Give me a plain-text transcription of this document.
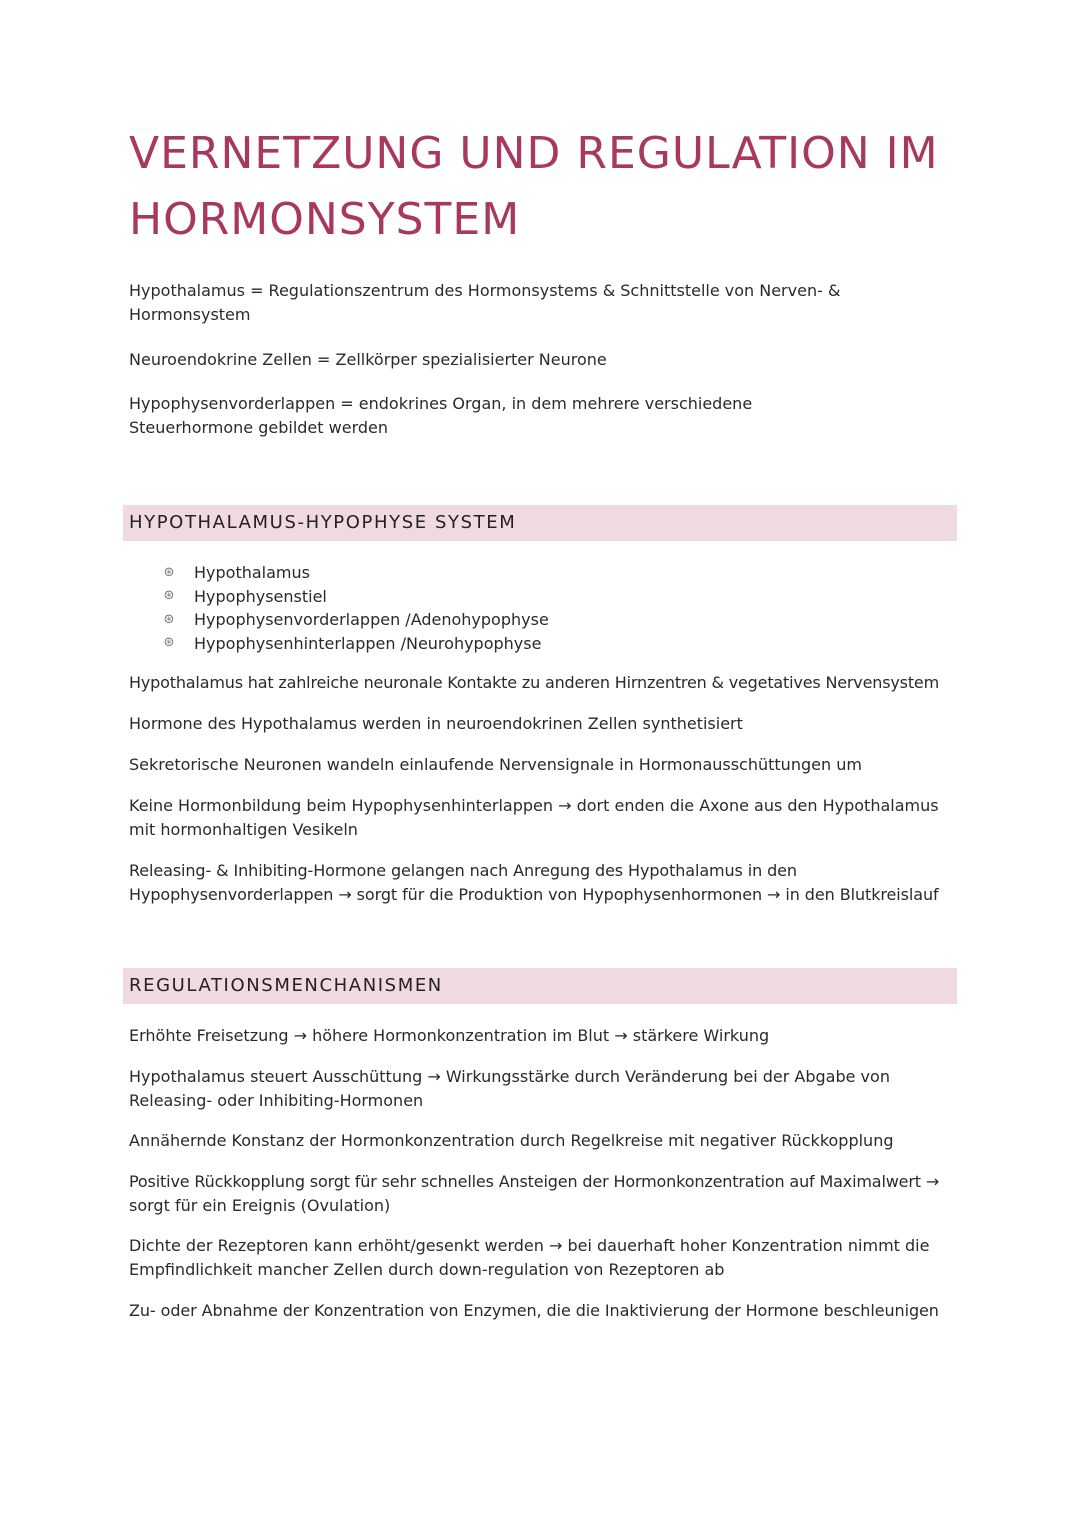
VERNETZUNG UND REGULATION IM
HORMONSYSTEM
Hypothalamus = Regulationszentrum des Hormonsystems & Schnittstelle von Nerven- &
Hormonsystem
Neuroendokrine Zellen = Zellkörper spezialisierter Neurone
Hypophysenvorderlappen = endokrines Organ, in dem mehrere verschiedene
Steuerhormone gebildet werden
HYPOTHALAMUS-HYPOPHYSE SYSTEM
⊛ Hypothalamus
⊛ Hypophysenstiel
⊛ Hypophysenvorderlappen /Adenohypophyse
⊛ Hypophysenhinterlappen /Neurohypophyse
Hypothalamus hat zahlreiche neuronale Kontakte zu anderen Hirnzentren & vegetatives Nervensystem
Hormone des Hypothalamus werden in neuroendokrinen Zellen synthetisiert
Sekretorische Neuronen wandeln einlaufende Nervensignale in Hormonausschüttungen um
Keine Hormonbildung beim Hypophysenhinterlappen → dort enden die Axone aus den Hypothalamus
mit hormonhaltigen Vesikeln
Releasing- & Inhibiting-Hormone gelangen nach Anregung des Hypothalamus in den
Hypophysenvorderlappen → sorgt für die Produktion von Hypophysenhormonen → in den Blutkreislauf
REGULATIONSMENCHANISMEN
Erhöhte Freisetzung → höhere Hormonkonzentration im Blut → stärkere Wirkung
Hypothalamus steuert Ausschüttung → Wirkungsstärke durch Veränderung bei der Abgabe von
Releasing- oder Inhibiting-Hormonen
Annähernde Konstanz der Hormonkonzentration durch Regelkreise mit negativer Rückkopplung
Positive Rückkopplung sorgt für sehr schnelles Ansteigen der Hormonkonzentration auf Maximalwert →
sorgt für ein Ereignis (Ovulation)
Dichte der Rezeptoren kann erhöht/gesenkt werden → bei dauerhaft hoher Konzentration nimmt die
Empfindlichkeit mancher Zellen durch down-regulation von Rezeptoren ab
Zu- oder Abnahme der Konzentration von Enzymen, die die Inaktivierung der Hormone beschleunigen
